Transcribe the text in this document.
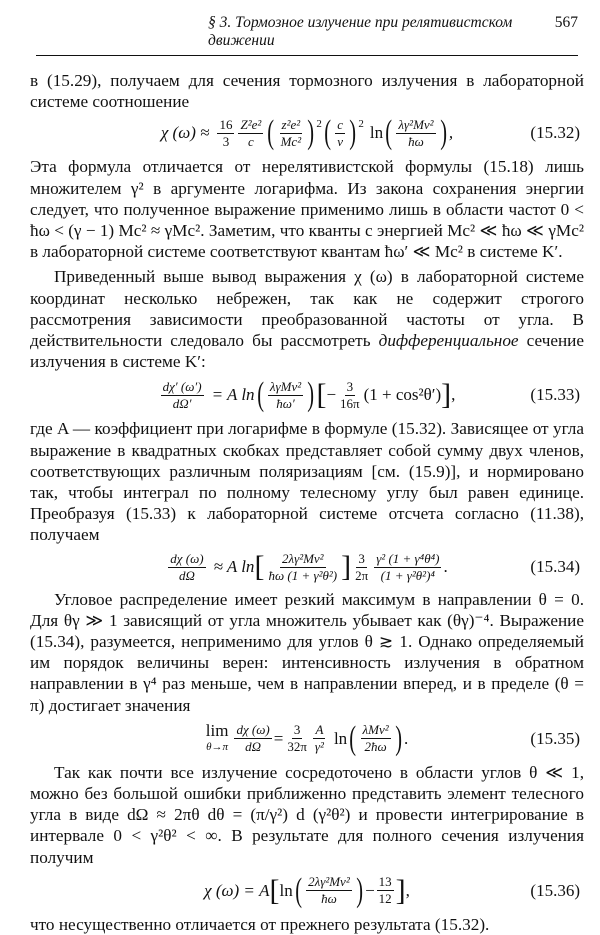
§ 3. Тормозное излучение при релятивистском движении
567

в (15.29), получаем для сечения тормозного излучения в лабораторной системе соотношение

χ $(\omega) \approx \frac{16}{3} \frac{\text{Z²e²}}{c}$ ( $\frac{\text{z²e²}}{\text{Mc²}} )^2$ ( $\frac{c}{v} )^2$ ln ( $\frac{\text{λγ²Mv²}}{ħ\omega}$ ) ,	(15.32)

Эта формула отличается от нерелятивистской формулы (15.18) лишь множителем γ² в аргументе логарифма. Из закона сохранения энергии следует, что полученное выражение применимо лишь в области частот 0 < ħω < (γ − 1) Mc² ≈ γMc². Заметим, что кванты с энергией Mc² ≪ ħω ≪ γMc² в лабораторной системе соответствуют квантам ħω′ ≪ Mc² в системе K′.

Приведенный выше вывод выражения χ (ω) в лабораторной системе координат несколько небрежен, так как не содержит строгого рассмотрения зависимости преобразованной частоты от угла. В действительности следовало бы рассмотреть дифференциальное сечение излучения в системе K′:

$\frac{d\chi' (\omega')}{d\Omega'} = A$ ln ( $\frac{\text{λγMv²}}{ħ\omega'}$ ) [ − $\frac{3}{16\pi} (1 + \cos^2\theta')$ ] ,	(15.33)

где A — коэффициент при логарифме в формуле (15.32). Зависящее от угла выражение в квадратных скобках представляет собой сумму двух членов, соответствующих различным поляризациям [см. (15.9)], и нормировано так, чтобы интеграл по полному телесному углу был равен единице. Преобразуя (15.33) к лабораторной системе отсчета согласно (11.38), получаем

$\frac{d\chi (\omega)}{d\Omega} \approx A$ ln [ $\frac{\text{2λγ²Mv²}}{\text{ħω (1 + γ²θ²)}}$ ] $\frac{3}{2\pi} \frac{\text{γ² (1 + γ⁴θ⁴)}}{\text{(1 + γ²θ²)⁴}}$ .	(15.34)

Угловое распределение имеет резкий максимум в направлении θ = 0. Для θγ ≫ 1 зависящий от угла множитель убывает как (θγ)⁻⁴. Выражение (15.34), разумеется, неприменимо для углов θ ≳ 1. Однако определяемый им порядок величины верен: интенсивность излучения в обратном направлении в γ⁴ раз меньше, чем в направлении вперед, и в пределе (θ = π) достигает значения

lim
$\theta\to\pi \frac{d\chi (\omega)}{d\Omega} = \frac{3}{32\pi} \frac{A}{\text{γ²}}$ ln ( $\frac{\text{λMv²}}{2ħ\omega}$ ) .	(15.35)

Так как почти все излучение сосредоточено в области углов θ ≪ 1, можно без большой ошибки приближенно представить элемент телесного угла в виде dΩ ≈ 2πθ dθ = (π/γ²) d (γ²θ²) и провести интегрирование в интервале 0 < γ²θ² < ∞. В результате для полного сечения излучения получим

χ (ω) = A [ ln ( $\frac{\text{2λγ²Mv²}}{ħ\omega}$ ) − $\frac{13}{12}$ ] ,	(15.36)

что несущественно отличается от прежнего результата (15.32).
